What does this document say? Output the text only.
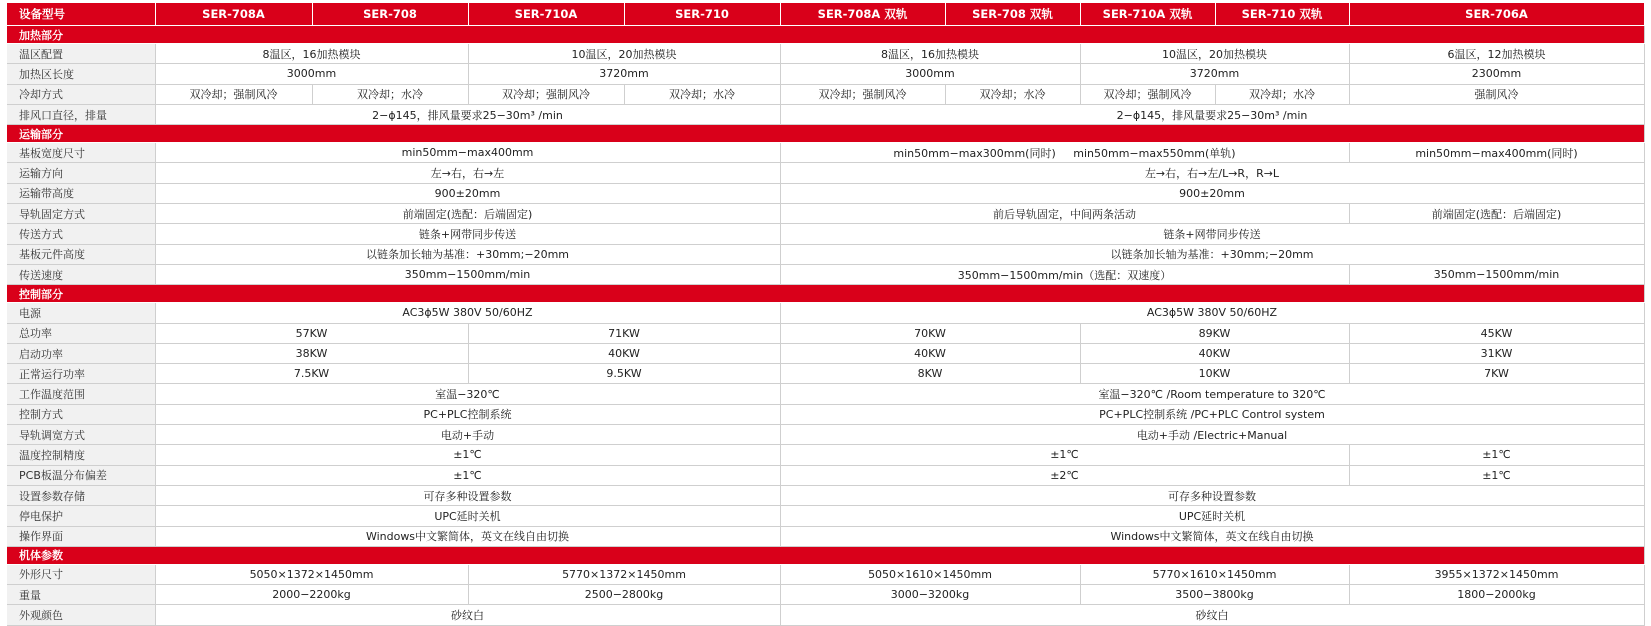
设备型号	SER-708A	SER-708	SER-710A	SER-710	SER-708A 双轨	SER-708 双轨	SER-710A 双轨	SER-710 双轨	SER-706A
加热部分									
温区配置	8温区，16加热模块		10温区，20加热模块		8温区，16加热模块		10温区，20加热模块		6温区，12加热模块
加热区长度	3000mm		3720mm		3000mm		3720mm		2300mm
冷却方式	双冷却；强制风冷	双冷却；水冷	双冷却；强制风冷	双冷却；水冷	双冷却；强制风冷	双冷却；水冷	双冷却；强制风冷	双冷却；水冷	强制风冷
排风口直径，排量	2−ϕ145，排风量要求25−30m³ /min				2−ϕ145，排风量要求25−30m³ /min				
运输部分									
基板宽度尺寸	min50mm−max400mm				min50mm−max300mm(同时)     min50mm−max550mm(单轨)				min50mm−max400mm(同时)
运输方向	左→右，右→左				左→右，右→左/L→R，R→L				
运输带高度	900±20mm				900±20mm				
导轨固定方式	前端固定(选配：后端固定)				前后导轨固定，中间两条活动				前端固定(选配：后端固定)
传送方式	链条+网带同步传送				链条+网带同步传送				
基板元件高度	以链条加长轴为基准：+30mm;−20mm				以链条加长轴为基准：+30mm;−20mm				
传送速度	350mm−1500mm/min				350mm−1500mm/min（选配：双速度）				350mm−1500mm/min
控制部分									
电源	AC3ϕ5W 380V 50/60HZ				AC3ϕ5W 380V 50/60HZ				
总功率	57KW		71KW		70KW		89KW		45KW
启动功率	38KW		40KW		40KW		40KW		31KW
正常运行功率	7.5KW		9.5KW		8KW		10KW		7KW
工作温度范围	室温−320℃				室温−320℃ /Room temperature to 320℃				
控制方式	PC+PLC控制系统				PC+PLC控制系统 /PC+PLC Control system				
导轨调宽方式	电动+手动				电动+手动 /Electric+Manual				
温度控制精度	±1℃				±1℃				±1℃
PCB板温分布偏差	±1℃				±2℃				±1℃
设置参数存储	可存多种设置参数				可存多种设置参数				
停电保护	UPC延时关机				UPC延时关机				
操作界面	Windows中文繁简体，英文在线自由切换				Windows中文繁简体，英文在线自由切换				
机体参数									
外形尺寸	5050×1372×1450mm		5770×1372×1450mm		5050×1610×1450mm		5770×1610×1450mm		3955×1372×1450mm
重量	2000−2200kg		2500−2800kg		3000−3200kg		3500−3800kg		1800−2000kg
外观颜色	砂纹白				砂纹白				
